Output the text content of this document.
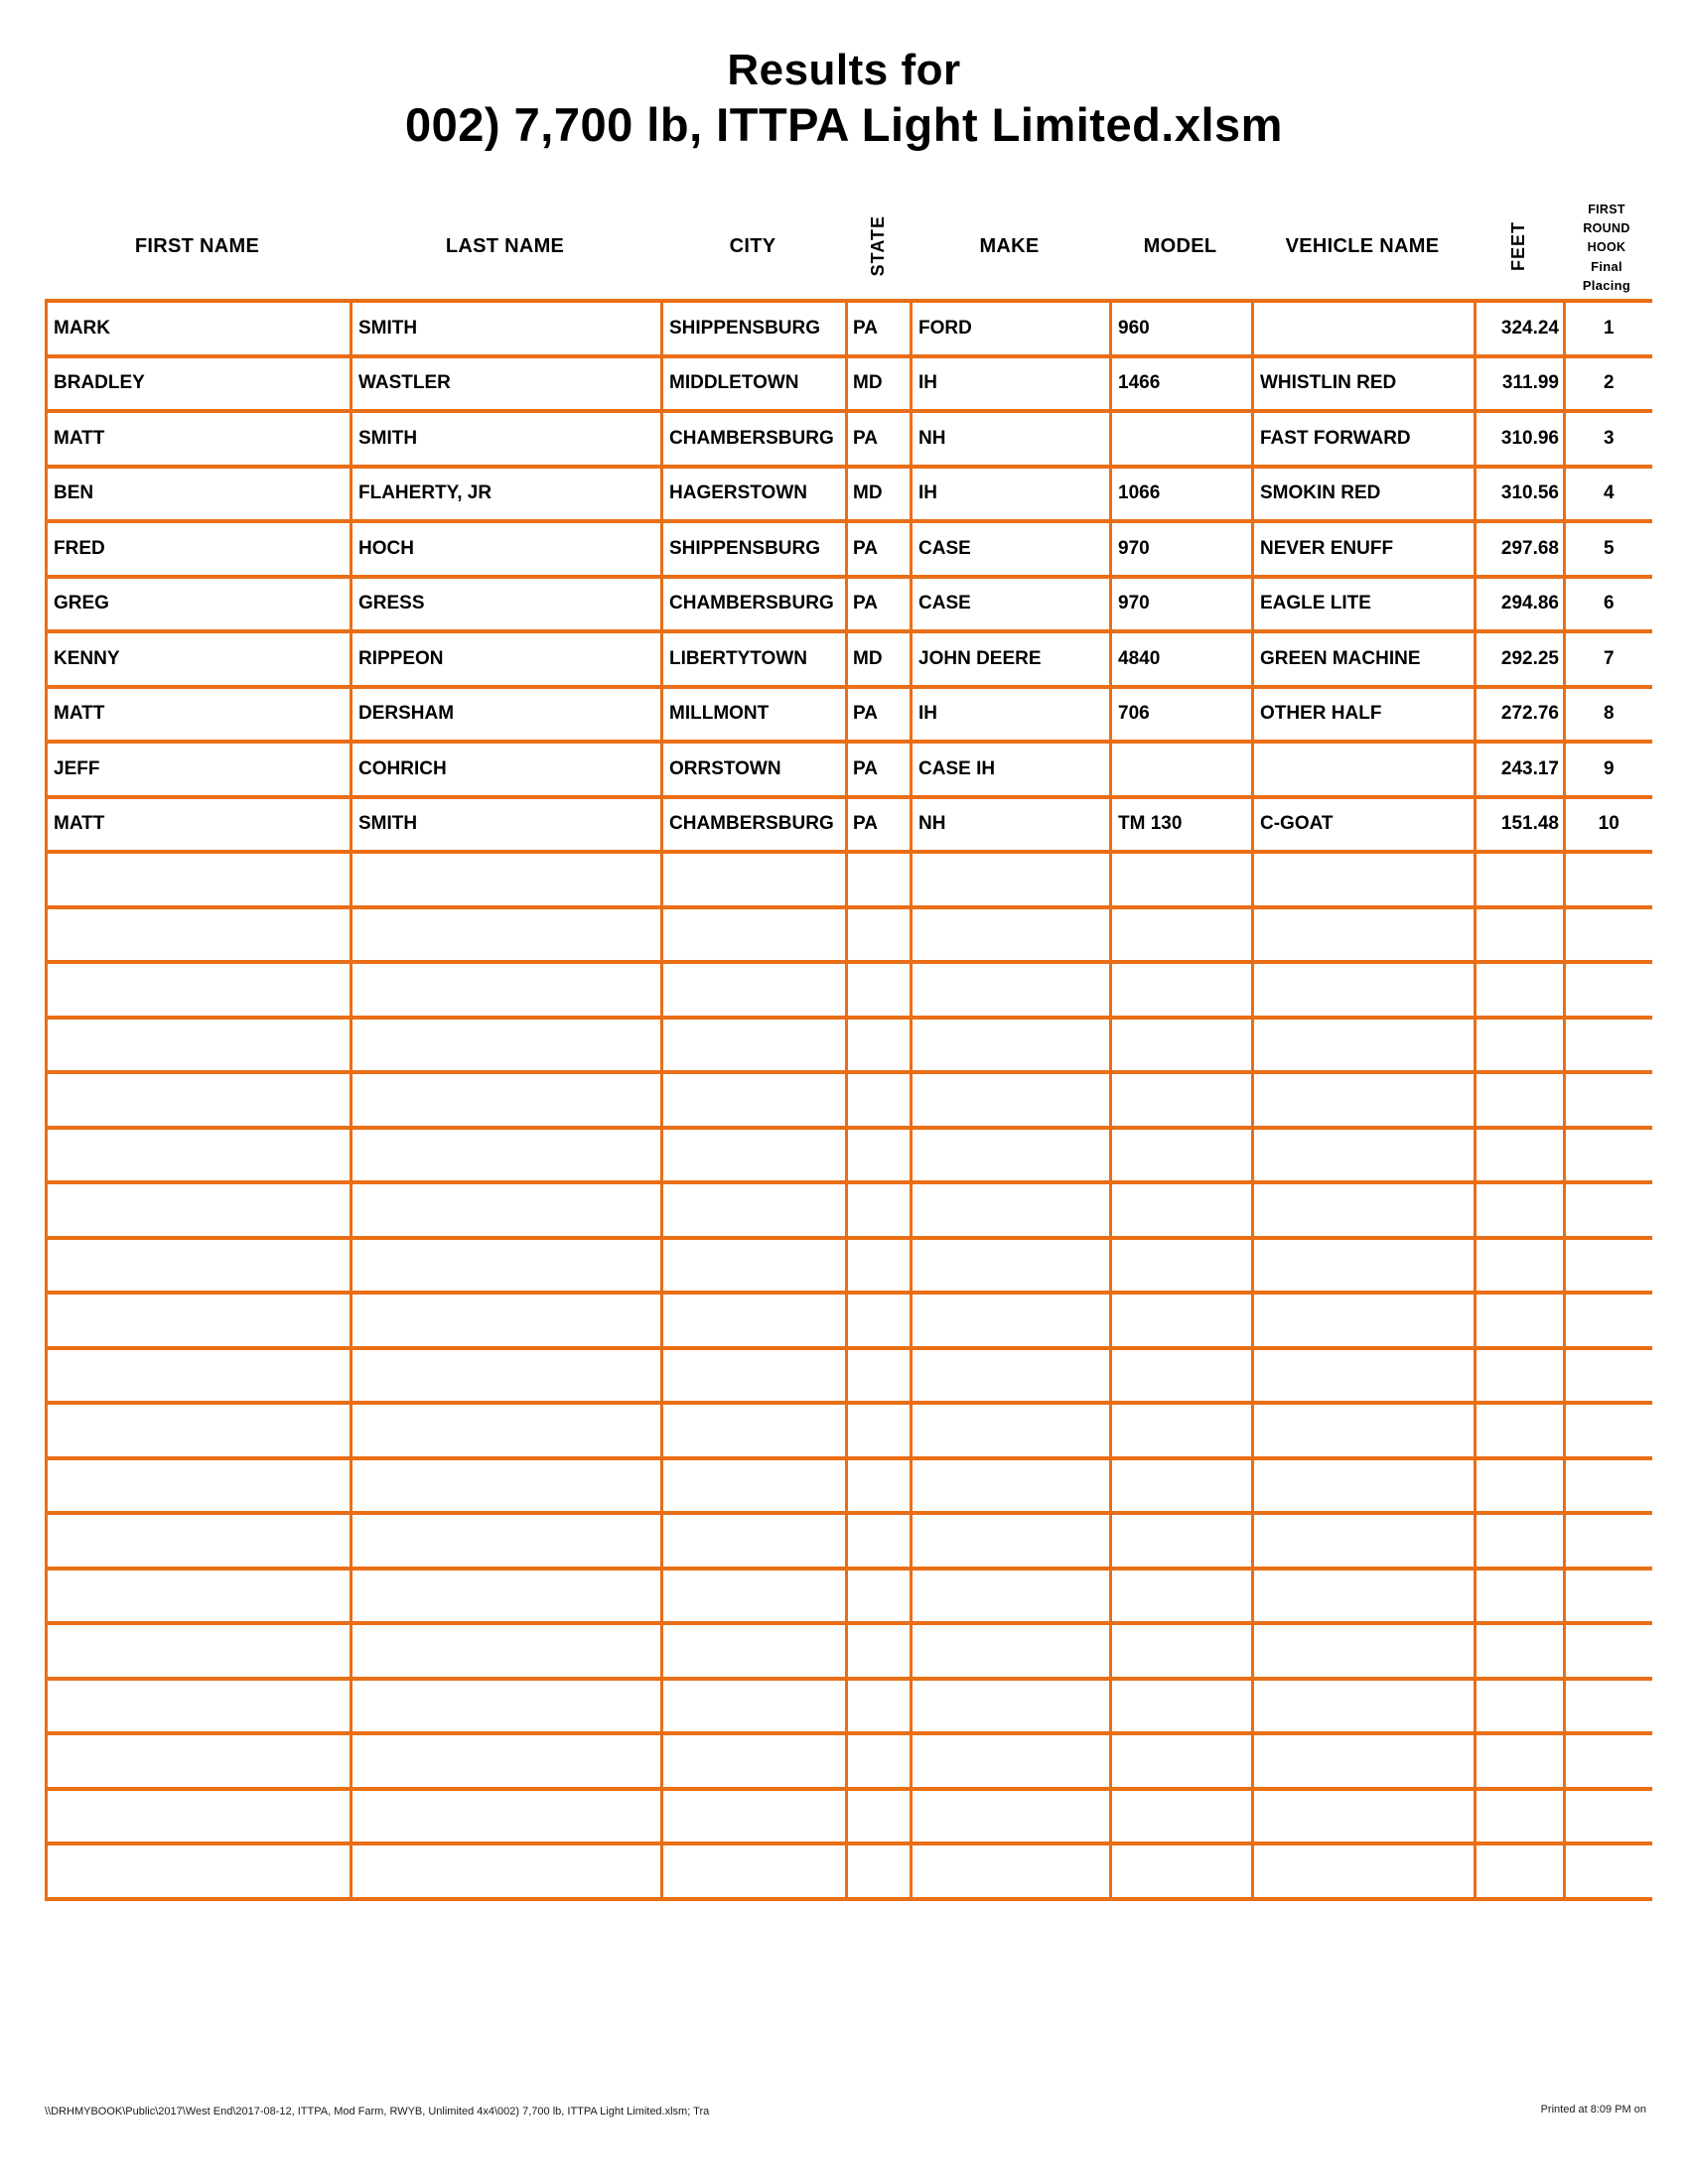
Results for
002) 7,700 lb, ITTPA Light Limited.xlsm
FIRST NAME	LAST NAME	CITY	STATE	MAKE	MODEL	VEHICLE NAME	FEET
FIRST
ROUND
HOOK
Final
Placing
MARK	SMITH	SHIPPENSBURG	PA	FORD	960		324.24	1
BRADLEY	WASTLER	MIDDLETOWN	MD	IH	1466	WHISTLIN RED	311.99	2
MATT	SMITH	CHAMBERSBURG	PA	NH		FAST FORWARD	310.96	3
BEN	FLAHERTY, JR	HAGERSTOWN	MD	IH	1066	SMOKIN RED	310.56	4
FRED	HOCH	SHIPPENSBURG	PA	CASE	970	NEVER ENUFF	297.68	5
GREG	GRESS	CHAMBERSBURG	PA	CASE	970	EAGLE LITE	294.86	6
KENNY	RIPPEON	LIBERTYTOWN	MD	JOHN DEERE	4840	GREEN MACHINE	292.25	7
MATT	DERSHAM	MILLMONT	PA	IH	706	OTHER HALF	272.76	8
JEFF	COHRICH	ORRSTOWN	PA	CASE IH			243.17	9
MATT	SMITH	CHAMBERSBURG	PA	NH	TM 130	C-GOAT	151.48	10

\\DRHMYBOOK\Public\2017\West End\2017-08-12, ITTPA, Mod Farm, RWYB, Unlimited 4x4\002) 7,700 lb, ITTPA Light Limited.xlsm; Tra	Printed at 8:09 PM on
